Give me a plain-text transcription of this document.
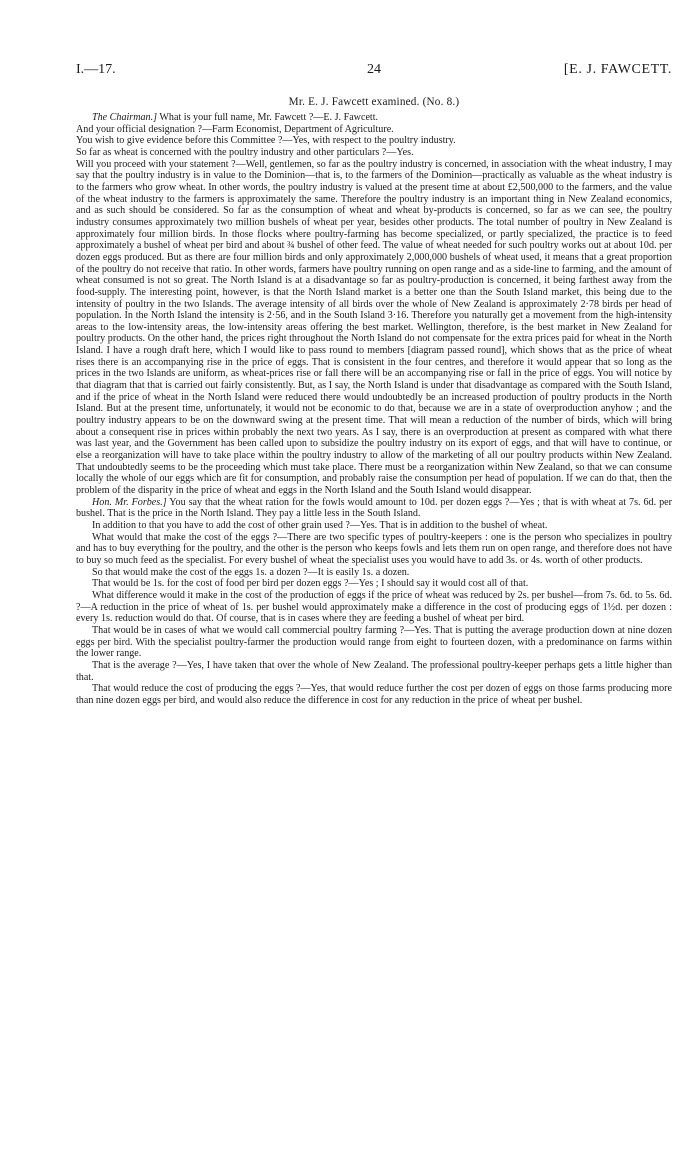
I.—17.	24	[E. J. FAWCETT.
Mr. E. J. Fawcett examined. (No. 8.)

The Chairman.] What is your full name, Mr. Fawcett ?—E. J. Fawcett.

And your official designation ?—Farm Economist, Department of Agriculture.

You wish to give evidence before this Committee ?—Yes, with respect to the poultry industry.

So far as wheat is concerned with the poultry industry and other particulars ?—Yes.

Will you proceed with your statement ?—Well, gentlemen, so far as the poultry industry is concerned, in association with the wheat industry, I may say that the poultry industry is in value to the Dominion—that is, to the farmers of the Dominion—practically as valuable as the wheat industry is to the farmers who grow wheat. In other words, the poultry industry is valued at the present time at about £2,500,000 to the farmers, and the value of the wheat industry to the farmers is approximately the same. Therefore the poultry industry is an important thing in New Zealand economics, and as such should be considered. So far as the consumption of wheat and wheat by-products is concerned, so far as we can see, the poultry industry consumes approximately two million bushels of wheat per year, besides other products. The total number of poultry in New Zealand is approximately four million birds. In those flocks where poultry-farming has become specialized, or partly specialized, the practice is to feed approximately a bushel of wheat per bird and about ¾ bushel of other feed. The value of wheat needed for such poultry works out at about 10d. per dozen eggs produced. But as there are four million birds and only approximately 2,000,000 bushels of wheat used, it means that a great proportion of the poultry do not receive that ratio. In other words, farmers have poultry running on open range and as a side-line to farming, and the amount of wheat consumed is not so great. The North Island is at a disadvantage so far as poultry-production is concerned, it being farthest away from the food-supply. The interesting point, however, is that the North Island market is a better one than the South Island market, this being due to the intensity of poultry in the two Islands. The average intensity of all birds over the whole of New Zealand is approximately 2·78 birds per head of population. In the North Island the intensity is 2·56, and in the South Island 3·16. Therefore you naturally get a movement from the high-intensity areas to the low-intensity areas, the low-intensity areas offering the best market. Wellington, therefore, is the best market in New Zealand for poultry products. On the other hand, the prices right throughout the North Island do not compensate for the extra prices paid for wheat in the North Island. I have a rough draft here, which I would like to pass round to members [diagram passed round], which shows that as the price of wheat rises there is an accompanying rise in the price of eggs. That is consistent in the four centres, and therefore it would appear that so long as the prices in the two Islands are uniform, as wheat-prices rise or fall there will be an accompanying rise or fall in the price of eggs. You will notice by that diagram that that is carried out fairly consistently. But, as I say, the North Island is under that disadvantage as compared with the South Island, and if the price of wheat in the North Island were reduced there would undoubtedly be an increased production of poultry products in the North Island. But at the present time, unfortunately, it would not be economic to do that, because we are in a state of overproduction anyhow ; and the poultry industry appears to be on the downward swing at the present time. That will mean a reduction of the number of birds, which will bring about a consequent rise in prices within probably the next two years. As I say, there is an overproduction at present as compared with what there was last year, and the Government has been called upon to subsidize the poultry industry on its export of eggs, and that will have to continue, or else a reorganization will have to take place within the poultry industry to allow of the marketing of all our poultry products within New Zealand. That undoubtedly seems to be the proceeding which must take place. There must be a reorganization within New Zealand, so that we can consume locally the whole of our eggs which are fit for consumption, and probably raise the consumption per head of population. If we can do that, then the problem of the disparity in the price of wheat and eggs in the North Island and the South Island would disappear.

Hon. Mr. Forbes.] You say that the wheat ration for the fowls would amount to 10d. per dozen eggs ?—Yes ; that is with wheat at 7s. 6d. per bushel. That is the price in the North Island. They pay a little less in the South Island.

In addition to that you have to add the cost of other grain used ?—Yes. That is in addition to the bushel of wheat.

What would that make the cost of the eggs ?—There are two specific types of poultry-keepers : one is the person who specializes in poultry and has to buy everything for the poultry, and the other is the person who keeps fowls and lets them run on open range, and therefore does not have to buy so much feed as the specialist. For every bushel of wheat the specialist uses you would have to add 3s. or 4s. worth of other products.

So that would make the cost of the eggs 1s. a dozen ?—It is easily 1s. a dozen.

That would be 1s. for the cost of food per bird per dozen eggs ?—Yes ; I should say it would cost all of that.

What difference would it make in the cost of the production of eggs if the price of wheat was reduced by 2s. per bushel—from 7s. 6d. to 5s. 6d. ?—A reduction in the price of wheat of 1s. per bushel would approximately make a difference in the cost of producing eggs of 1½d. per dozen : every 1s. reduction would do that. Of course, that is in cases where they are feeding a bushel of wheat per bird.

That would be in cases of what we would call commercial poultry farming ?—Yes. That is putting the average production down at nine dozen eggs per bird. With the specialist poultry-farmer the production would range from eight to fourteen dozen, with a predominance on farms within the lower range.

That is the average ?—Yes, I have taken that over the whole of New Zealand. The professional poultry-keeper perhaps gets a little higher than that.

That would reduce the cost of producing the eggs ?—Yes, that would reduce further the cost per dozen of eggs on those farms producing more than nine dozen eggs per bird, and would also reduce the difference in cost for any reduction in the price of wheat per bushel.
